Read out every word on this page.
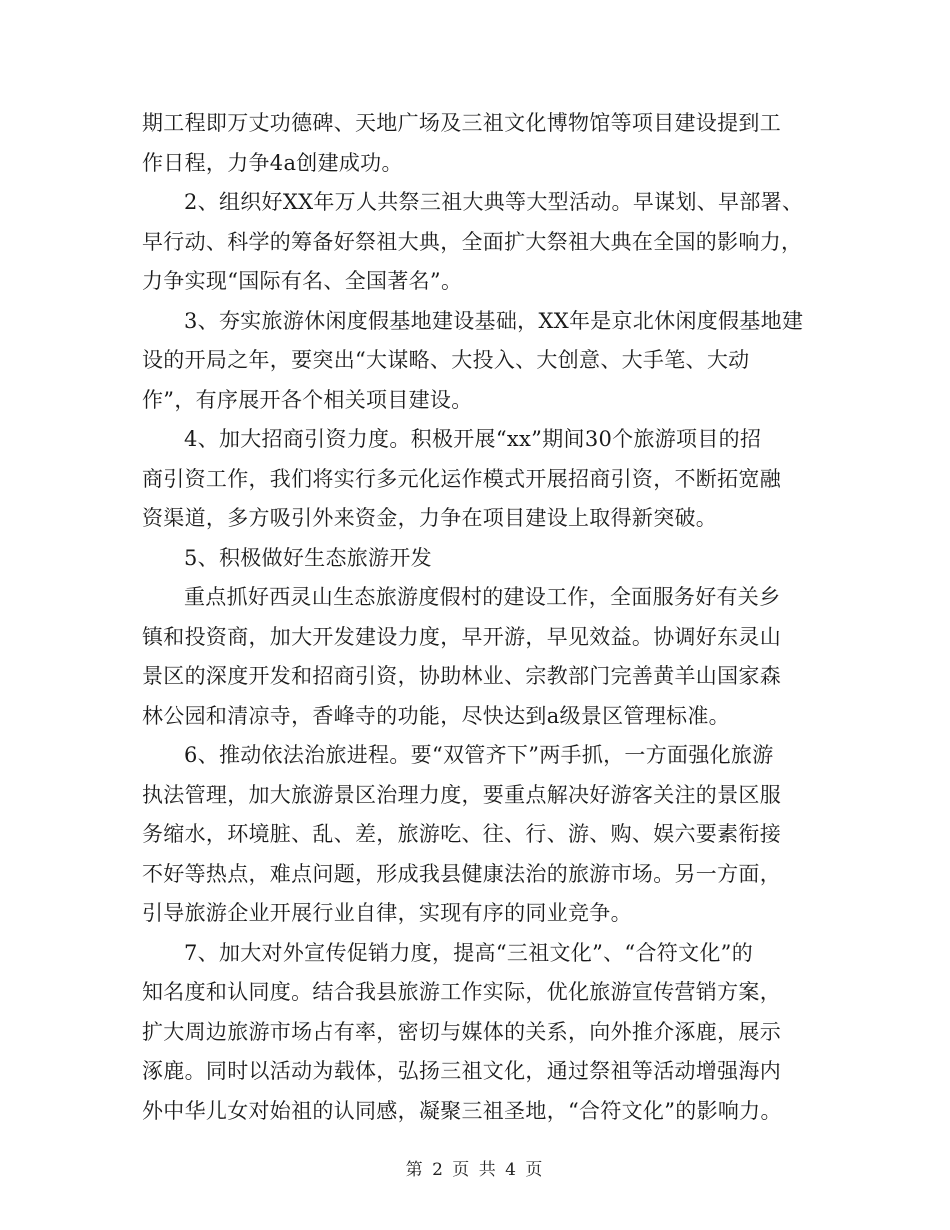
期工程即万丈功德碑、天地广场及三祖文化博物馆等项目建设提到工
作日程，力争4a创建成功。
2、组织好XX年万人共祭三祖大典等大型活动。早谋划、早部署、
早行动、科学的筹备好祭祖大典，全面扩大祭祖大典在全国的影响力，
力争实现“国际有名、全国著名”。
3、夯实旅游休闲度假基地建设基础，XX年是京北休闲度假基地建
设的开局之年，要突出“大谋略、大投入、大创意、大手笔、大动
作”，有序展开各个相关项目建设。
4、加大招商引资力度。积极开展“xx”期间30个旅游项目的招
商引资工作，我们将实行多元化运作模式开展招商引资，不断拓宽融
资渠道，多方吸引外来资金，力争在项目建设上取得新突破。
5、积极做好生态旅游开发
重点抓好西灵山生态旅游度假村的建设工作，全面服务好有关乡
镇和投资商，加大开发建设力度，早开游，早见效益。协调好东灵山
景区的深度开发和招商引资，协助林业、宗教部门完善黄羊山国家森
林公园和清凉寺，香峰寺的功能，尽快达到a级景区管理标准。
6、推动依法治旅进程。要“双管齐下”两手抓，一方面强化旅游
执法管理，加大旅游景区治理力度，要重点解决好游客关注的景区服
务缩水，环境脏、乱、差，旅游吃、往、行、游、购、娱六要素衔接
不好等热点，难点问题，形成我县健康法治的旅游市场。另一方面，
引导旅游企业开展行业自律，实现有序的同业竞争。
7、加大对外宣传促销力度，提高“三祖文化”、“合符文化”的
知名度和认同度。结合我县旅游工作实际，优化旅游宣传营销方案，
扩大周边旅游市场占有率，密切与媒体的关系，向外推介涿鹿，展示
涿鹿。同时以活动为载体，弘扬三祖文化，通过祭祖等活动增强海内
外中华儿女对始祖的认同感，凝聚三祖圣地，“合符文化”的影响力。
第 2 页 共 4 页
